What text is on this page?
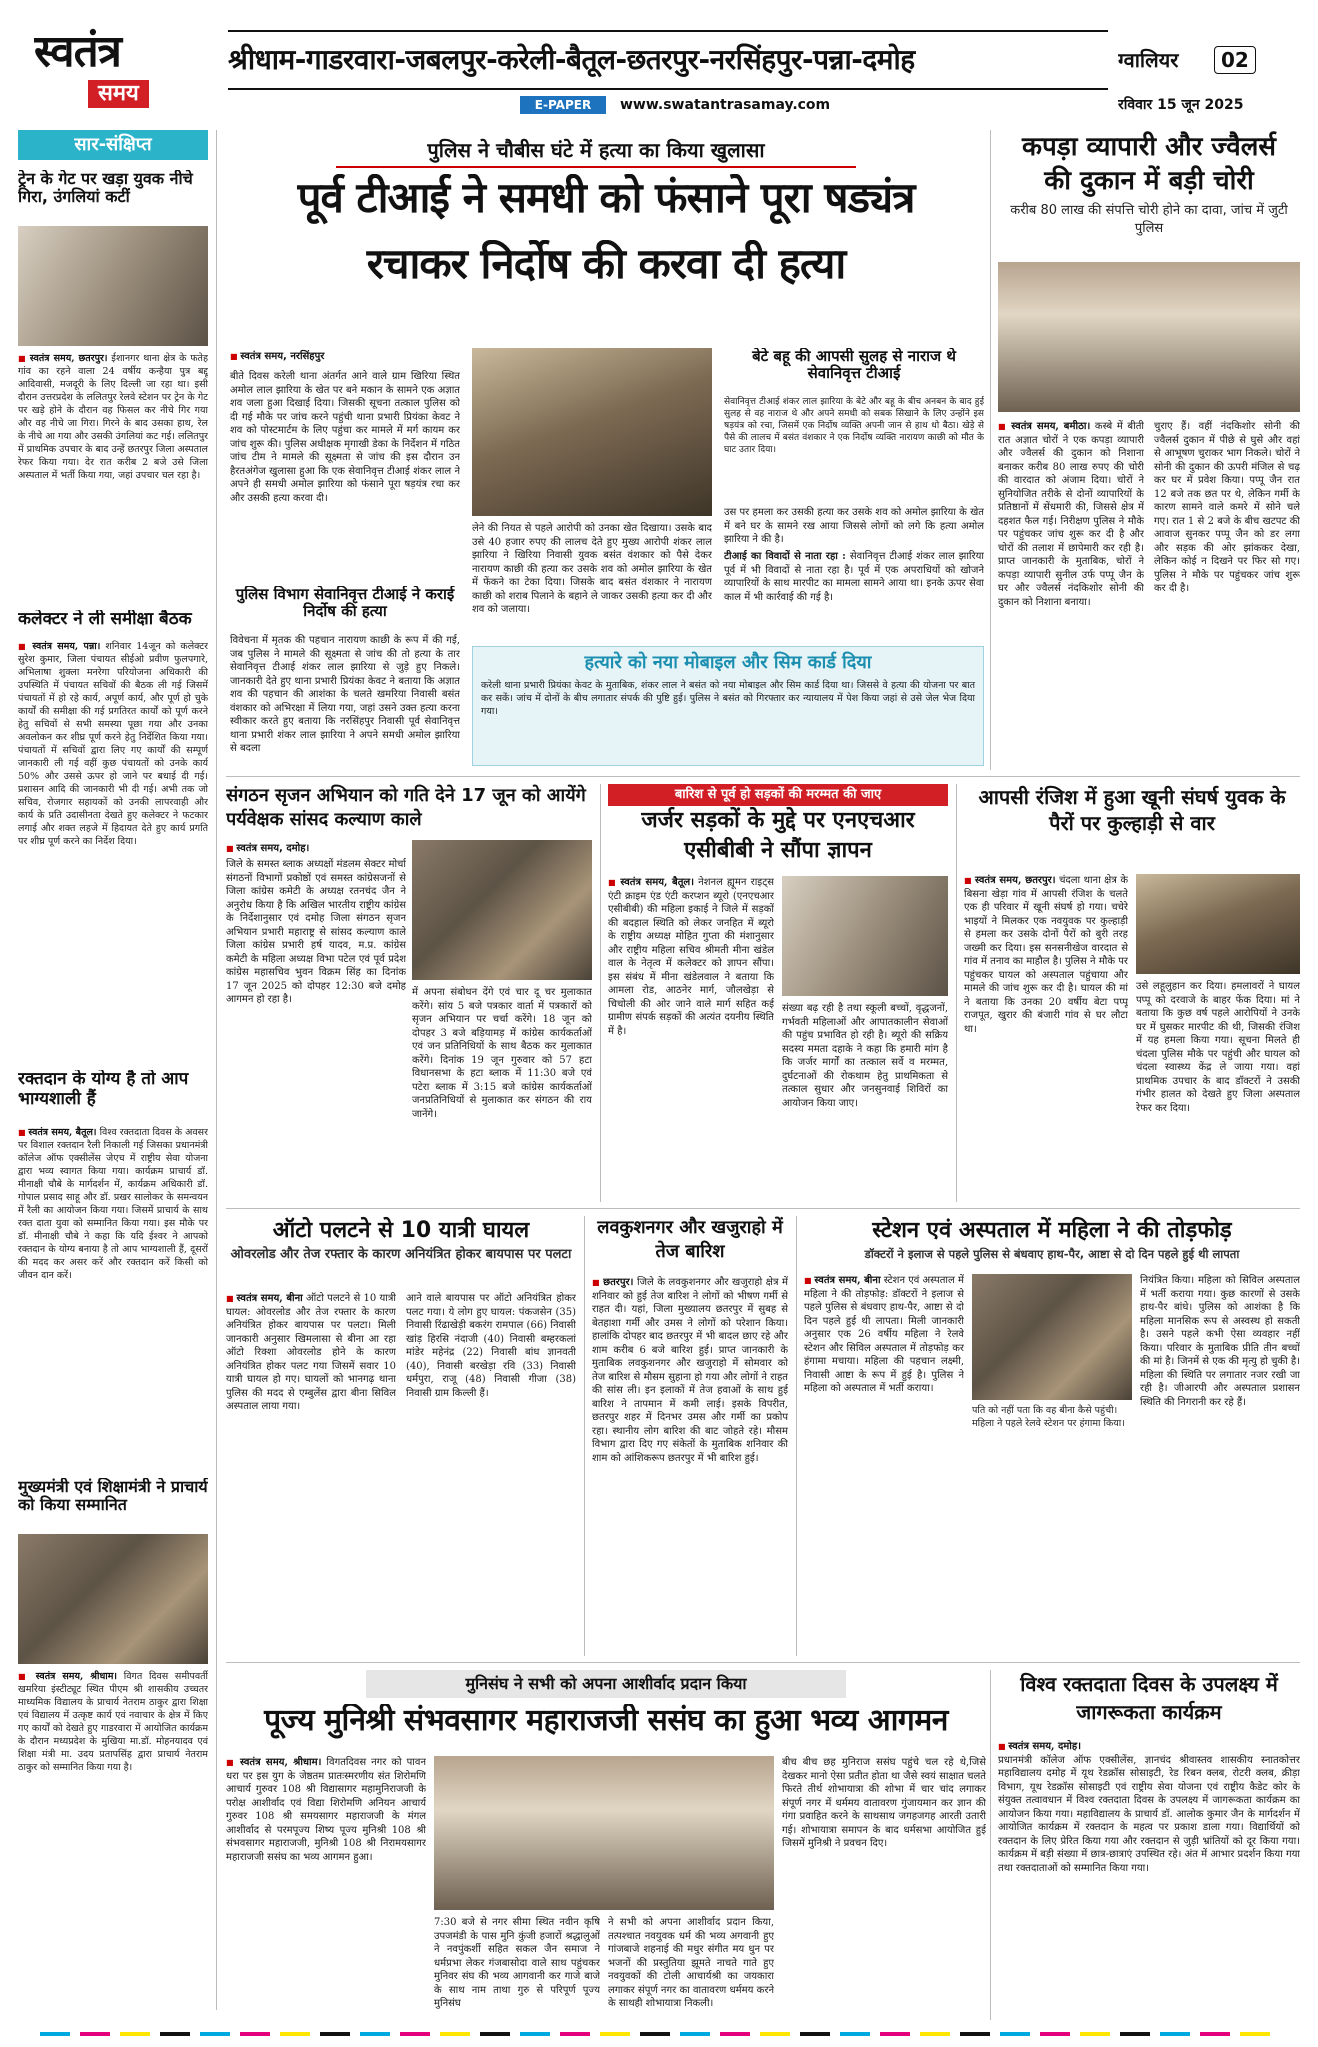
स्वतंत्र
समय
श्रीधाम-गाडरवारा-जबलपुर-करेली-बैतूल-छतरपुर-नरसिंहपुर-पन्ना-दमोह	ग्वालियर	02
E-PAPER	www.swatantrasamay.com	रविवार 15 जून 2025
सार-संक्षिप्त
ट्रेन के गेट पर खड़ा युवक नीचे गिरा, उंगलियां कटीं
■ स्वतंत्र समय, छतरपुर। ईशानगर थाना क्षेत्र के फतेह गांव का रहने वाला 24 वर्षीय कन्हैया पुत्र बद्दू आदिवासी, मजदूरी के लिए दिल्ली जा रहा था। इसी दौरान उत्तरप्रदेश के ललितपुर रेलवे स्टेशन पर ट्रेन के गेट पर खड़े होने के दौरान वह फिसल कर नीचे गिर गया और वह नीचे जा गिरा। गिरने के बाद उसका हाथ, रेल के नीचे आ गया और उसकी उंगलियां कट गई। ललितपुर में प्राथमिक उपचार के बाद उन्हें छतरपुर जिला अस्पताल रेफर किया गया। देर रात करीब 2 बजे उसे जिला अस्पताल में भर्ती किया गया, जहां उपचार चल रहा है।
कलेक्टर ने ली समीक्षा बैठक
■ स्वतंत्र समय, पन्ना। शनिवार 14जून को कलेक्टर सुरेश कुमार, जिला पंचायत सीईओ प्रवीण फुलपगारे, अभिलाषा शुक्ला मनरेगा परियोजना अधिकारी की उपस्थिति में पंचायत सचिवों की बैठक ली गई जिसमें पंचायतों में हो रहे कार्य, अपूर्ण कार्य, और पूर्ण हो चुके कार्यों की समीक्षा की गई प्रगतिरत कार्यों को पूर्ण करने हेतु सचिवों से सभी समस्या पूछा गया और उनका अवलोकन कर शीघ्र पूर्ण करने हेतु निर्देशित किया गया। पंचायतों में सचिवों द्वारा लिए गए कार्यों की सम्पूर्ण जानकारी ली गई वहीं कुछ पंचायतों को उनके कार्य 50% और उससे ऊपर हो जाने पर बधाई दी गई। प्रशासन आदि की जानकारी भी दी गई। अभी तक जो सचिव, रोजगार सहायकों को उनकी लापरवाही और कार्य के प्रति उदासीनता देखते हुए कलेक्टर ने फटकार लगाई और शक्त लहजे में हिदायत देते हुए कार्य प्रगति पर शीघ्र पूर्ण करने का निर्देश दिया।
रक्तदान के योग्य है तो आप भाग्यशाली हैं
■ स्वतंत्र समय, बैतूल। विश्व रक्तदाता दिवस के अवसर पर विशाल रक्तदान रैली निकाली गई जिसका प्रधानमंत्री कॉलेज ऑफ एक्सीलेंस जेएच में राष्ट्रीय सेवा योजना द्वारा भव्य स्वागत किया गया। कार्यक्रम प्राचार्य डॉ. मीनाक्षी चौबे के मार्गदर्शन में, कार्यक्रम अधिकारी डॉ. गोपाल प्रसाद साहू और डॉ. प्रखर सालोकर के समन्वयन में रैली का आयोजन किया गया। जिसमें प्राचार्य के साथ रक्त दाता युवा को सम्मानित किया गया। इस मौके पर डॉ. मीनाक्षी चौबे ने कहा कि यदि ईश्वर ने आपको रक्तदान के योग्य बनाया है तो आप भाग्यशाली हैं, दूसरों की मदद कर असर करें और रक्तदान करें किसी को जीवन दान करें।
मुख्यमंत्री एवं शिक्षामंत्री ने प्राचार्य को किया सम्मानित
■ स्वतंत्र समय, श्रीधाम। विगत दिवस समीपवर्ती खमरिया इंस्टीट्यूट स्थित पीएम श्री शासकीय उच्चतर माध्यमिक विद्यालय के प्राचार्य नेतराम ठाकुर द्वारा शिक्षा एवं विद्यालय में उत्कृष्ट कार्य एवं नवाचार के क्षेत्र में किए गए कार्यों को देखते हुए गाडरवारा में आयोजित कार्यक्रम के दौरान मध्यप्रदेश के मुखिया मा.डॉ. मोहनयादव एवं शिक्षा मंत्री मा. उदय प्रतापसिंह द्वारा प्राचार्य नेतराम ठाकुर को सम्मानित किया गया है।
पुलिस ने चौबीस घंटे में हत्या का किया खुलासा
पूर्व टीआई ने समधी को फंसाने पूरा षड्यंत्र
रचाकर निर्दोष की करवा दी हत्या
■ स्वतंत्र समय, नरसिंहपुर
बीते दिवस करेली थाना अंतर्गत आने वाले ग्राम खिरिया स्थित अमोल लाल झारिया के खेत पर बने मकान के सामने एक अज्ञात शव जला हुआ दिखाई दिया। जिसकी सूचना तत्काल पुलिस को दी गई मौके पर जांच करने पहुंची थाना प्रभारी प्रियंका केवट ने शव को पोस्टमार्टम के लिए पहुंचा कर मामले में मर्ग कायम कर जांच शुरू की। पुलिस अधीक्षक मृगाखी डेका के निर्देशन में गठित जांच टीम ने मामले की सूक्ष्मता से जांच की इस दौरान उन हैरतअंगेज खुलासा हुआ कि एक सेवानिवृत्त टीआई शंकर लाल ने अपने ही समधी अमोल झारिया को फंसाने पूरा षड़यंत्र रचा कर और उसकी हत्या करवा दी।
पुलिस विभाग सेवानिवृत्त टीआई ने कराई निर्दोष की हत्या
विवेचना में मृतक की पहचान नारायण काछी के रूप में की गई, जब पुलिस ने मामले की सूक्ष्मता से जांच की तो हत्या के तार सेवानिवृत्त टीआई शंकर लाल झारिया से जुड़े हुए निकले। जानकारी देते हुए थाना प्रभारी प्रियंका केवट ने बताया कि अज्ञात शव की पहचान की आशंका के चलते खमरिया निवासी बसंत वंशकार को अभिरक्षा में लिया गया, जहां उसने उक्त हत्या करना स्वीकार करते हुए बताया कि नरसिंहपुर निवासी पूर्व सेवानिवृत्त थाना प्रभारी शंकर लाल झारिया ने अपने समधी अमोल झारिया से बदला
लेने की नियत से पहले आरोपी को उनका खेत दिखाया। उसके बाद उसे 40 हजार रुपए की लालच देते हुए मुख्य आरोपी शंकर लाल झारिया ने खिरिया निवासी युवक बसंत वंशकार को पैसे देकर नारायण काछी की हत्या कर उसके शव को अमोल झारिया के खेत में फेंकने का टेका दिया। जिसके बाद बसंत वंशकार ने नारायण काछी को शराब पिलाने के बहाने ले जाकर उसकी हत्या कर दी और शव को जलाया।
बेटे बहू की आपसी सुलह से नाराज थे सेवानिवृत्त टीआई
सेवानिवृत्त टीआई शंकर लाल झारिया के बेटे और बहू के बीच अनबन के बाद हुई सुलह से वह नाराज थे और अपने समधी को सबक सिखाने के लिए उन्होंने इस षड़यंत्र को रचा, जिसमें एक निर्दोष व्यक्ति अपनी जान से हाथ धो बैठा। खेड़े से पैसे की लालच में बसंत वंशकार ने एक निर्दोष व्यक्ति नारायण काछी को मौत के घाट उतार दिया।
उस पर हमला कर उसकी हत्या कर उसके शव को अमोल झारिया के खेत में बने घर के सामने रख आया जिससे लोगों को लगे कि हत्या अमोल झारिया ने की है।
टीआई का विवादों से नाता रहा : सेवानिवृत्त टीआई शंकर लाल झारिया पूर्व में भी विवादों से नाता रहा है। पूर्व में एक अपराधियों को खोजने व्यापारियों के साथ मारपीट का मामला सामने आया था। इनके ऊपर सेवा काल में भी कार्रवाई की गई है।
हत्यारे को नया मोबाइल और सिम कार्ड दिया
करेली थाना प्रभारी प्रियंका केवट के मुताबिक, शंकर लाल ने बसंत को नया मोबाइल और सिम कार्ड दिया था। जिससे वे हत्या की योजना पर बात कर सकें। जांच में दोनों के बीच लगातार संपर्क की पुष्टि हुई। पुलिस ने बसंत को गिरफ्तार कर न्यायालय में पेश किया जहां से उसे जेल भेज दिया गया।
कपड़ा व्यापारी और ज्वैलर्स
की दुकान में बड़ी चोरी
करीब 80 लाख की संपत्ति चोरी होने का दावा, जांच में जुटी पुलिस
■ स्वतंत्र समय, बमीठा। कस्बे में बीती रात अज्ञात चोरों ने एक कपड़ा व्यापारी और ज्वैलर्स की दुकान को निशाना बनाकर करीब 80 लाख रुपए की चोरी की वारदात को अंजाम दिया। चोरों ने सुनियोजित तरीके से दोनों व्यापारियों के प्रतिष्ठानों में सेंधमारी की, जिससे क्षेत्र में दहशत फैल गई। निरीक्षण पुलिस ने मौके पर पहुंचकर जांच शुरू कर दी है और चोरों की तलाश में छापेमारी कर रही है। प्राप्त जानकारी के मुताबिक, चोरों ने कपड़ा व्यापारी सुनील उर्फ पप्पू जैन के घर और ज्वैलर्स नंदकिशोर सोनी की दुकान को निशाना बनाया।
चुराए हैं। वहीं नंदकिशोर सोनी की ज्वैलर्स दुकान में पीछे से घुसे और वहां से आभूषण चुराकर भाग निकले। चोरों ने सोनी की दुकान की ऊपरी मंजिल से चढ़ कर घर में प्रवेश किया। पप्पू जैन रात 12 बजे तक छत पर थे, लेकिन गर्मी के कारण सामने वाले कमरे में सोने चले गए। रात 1 से 2 बजे के बीच खटपट की आवाज सुनकर पप्पू जैन को डर लगा और सड़क की ओर झांककर देखा, लेकिन कोई न दिखने पर फिर सो गए। पुलिस ने मौके पर पहुंचकर जांच शुरू कर दी है।
संगठन सृजन अभियान को गति देने 17 जून को आयेंगे पर्यवेक्षक सांसद कल्याण काले
■ स्वतंत्र समय, दमोह।
जिले के समस्त ब्लाक अध्यक्षों मंडलम सेक्टर मोर्चा संगठनों विभागों प्रकोष्ठों एवं समस्त कांग्रेसजनों से जिला कांग्रेस कमेटी के अध्यक्ष रतनचंद जैन ने अनुरोध किया है कि अखिल भारतीय राष्ट्रीय कांग्रेस के निर्देशानुसार एवं दमोह जिला संगठन सृजन अभियान प्रभारी महाराष्ट्र से सांसद कल्याण काले जिला कांग्रेस प्रभारी हर्ष यादव, म.प्र. कांग्रेस कमेटी के महिला अध्यक्ष विभा पटेल एवं पूर्व प्रदेश कांग्रेस महासचिव भुवन विक्रम सिंह का दिनांक 17 जून 2025 को दोपहर 12:30 बजे दमोह आगमन हो रहा है।
में अपना संबोधन देंगे एवं चार दू चर मुलाकात करेंगे। सांय 5 बजे पत्रकार वार्ता में पत्रकारों को सृजन अभियान पर चर्चा करेंगे। 18 जून को दोपहर 3 बजे बड़ियामड़ में कांग्रेस कार्यकर्ताओं एवं जन प्रतिनिधियों के साथ बैठक कर मुलाकात करेंगे। दिनांक 19 जून गुरुवार को 57 हटा विधानसभा के हटा ब्लाक में 11:30 बजे एवं पटेरा ब्लाक में 3:15 बजे कांग्रेस कार्यकर्ताओं जनप्रतिनिधियों से मुलाकात कर संगठन की राय जानेंगे।
बारिश से पूर्व हो सड़कों की मरम्मत की जाए
जर्जर सड़कों के मुद्दे पर एनएचआर
एसीबीबी ने सौंपा ज्ञापन
■ स्वतंत्र समय, बैतूल। नेशनल ह्यूमन राइट्स एंटी क्राइम एंड एंटी करप्शन ब्यूरो (एनएचआर एसीबीबी) की महिला इकाई ने जिले में सड़कों की बदहाल स्थिति को लेकर जनहित में ब्यूरो के राष्ट्रीय अध्यक्ष मोहित गुप्ता की मंशानुसार और राष्ट्रीय महिला सचिव श्रीमती मीना खंडेल वाल के नेतृत्व में कलेक्टर को ज्ञापन सौंपा। इस संबंध में मीना खंडेलवाल ने बताया कि आमला रोड, आठनेर मार्ग, जौलखेड़ा से चिचोली की ओर जाने वाले मार्ग सहित कई ग्रामीण संपर्क सड़कों की अत्यंत दयनीय स्थिति में है।
संख्या बढ़ रही है तथा स्कूली बच्चों, वृद्धजनों, गर्भवती महिलाओं और आपातकालीन सेवाओं की पहुंच प्रभावित हो रही है। ब्यूरो की सक्रिय सदस्य ममता दहाके ने कहा कि हमारी मांग है कि जर्जर मार्गों का तत्काल सर्वे व मरम्मत, दुर्घटनाओं की रोकथाम हेतु प्राथमिकता से तत्काल सुधार और जनसुनवाई शिविरों का आयोजन किया जाए।
आपसी रंजिश में हुआ खूनी संघर्ष युवक के पैरों पर कुल्हाड़ी से वार
■ स्वतंत्र समय, छतरपुर। चंदला थाना क्षेत्र के बिसना खेड़ा गांव में आपसी रंजिश के चलते एक ही परिवार में खूनी संघर्ष हो गया। चचेरे भाइयों ने मिलकर एक नवयुवक पर कुल्हाड़ी से हमला कर उसके दोनों पैरों को बुरी तरह जख्मी कर दिया। इस सनसनीखेज वारदात से गांव में तनाव का माहौल है। पुलिस ने मौके पर पहुंचकर घायल को अस्पताल पहुंचाया और मामले की जांच शुरू कर दी है। घायल की मां ने बताया कि उनका 20 वर्षीय बेटा पप्पू राजपूत, खुरार की बंजारी गांव से घर लौटा था।
उसे लहूलुहान कर दिया। हमलावरों ने घायल पप्पू को दरवाजे के बाहर फेंक दिया। मां ने बताया कि कुछ वर्ष पहले आरोपियों ने उनके घर में घुसकर मारपीट की थी, जिसकी रंजिश में यह हमला किया गया। सूचना मिलते ही चंदला पुलिस मौके पर पहुंची और घायल को चंदला स्वास्थ्य केंद्र ले जाया गया। वहां प्राथमिक उपचार के बाद डॉक्टरों ने उसकी गंभीर हालत को देखते हुए जिला अस्पताल रेफर कर दिया।
ऑटो पलटने से 10 यात्री घायल
ओवरलोड और तेज रफ्तार के कारण अनियंत्रित होकर बायपास पर पलटा
■ स्वतंत्र समय, बीना ऑटो पलटने से 10 यात्री घायल: ओवरलोड और तेज रफ्तार के कारण अनियंत्रित होकर बायपास पर पलटा। मिली जानकारी अनुसार खिमलासा से बीना आ रहा ऑटो रिक्शा ओवरलोड होने के कारण अनियंत्रित होकर पलट गया जिसमें सवार 10 यात्री घायल हो गए। घायलों को भानगढ़ थाना पुलिस की मदद से एम्बुलेंस द्वारा बीना सिविल अस्पताल लाया गया।
आने वाले बायपास पर ऑटो अनियंत्रित होकर पलट गया। ये लोग हुए घायल: पंकजसेन (35) निवासी रिंढाखेड़ी बकरंग रामपाल (66) निवासी खांड़ हिरसि नंदाजी (40) निवासी बम्हरकलां मांडेर महेनंद्र (22) निवासी बांध ज्ञानवती (40), निवासी बरखेड़ा रवि (33) निवासी धर्मपुरा, राजू (48) निवासी गीजा (38) निवासी ग्राम किल्ली हैं।
लवकुशनगर और खजुराहो में तेज बारिश
■ छतरपुर। जिले के लवकुशनगर और खजुराहो क्षेत्र में शनिवार को हुई तेज बारिश ने लोगों को भीषण गर्मी से राहत दी। यहां, जिला मुख्यालय छतरपुर में सुबह से बेतहाशा गर्मी और उमस ने लोगों को परेशान किया। हालांकि दोपहर बाद छतरपुर में भी बादल छाए रहे और शाम करीब 6 बजे बारिश हुई। प्राप्त जानकारी के मुताबिक लवकुशनगर और खजुराहो में सोमवार को तेज बारिश से मौसम सुहाना हो गया और लोगों ने राहत की सांस ली। इन इलाकों में तेज हवाओं के साथ हुई बारिश ने तापमान में कमी लाई। इसके विपरीत, छतरपुर शहर में दिनभर उमस और गर्मी का प्रकोप रहा। स्थानीय लोग बारिश की बाट जोहते रहे। मौसम विभाग द्वारा दिए गए संकेतों के मुताबिक शनिवार की शाम को आंशिकरूप छतरपुर में भी बारिश हुई।
स्टेशन एवं अस्पताल में महिला ने की तोड़फोड़
डॉक्टरों ने इलाज से पहले पुलिस से बंधवाए हाथ-पैर, आष्टा से दो दिन पहले हुई थी लापता
■ स्वतंत्र समय, बीना स्टेशन एवं अस्पताल में महिला ने की तोड़फोड़: डॉक्टरों ने इलाज से पहले पुलिस से बंधवाए हाथ-पैर, आष्टा से दो दिन पहले हुई थी लापता। मिली जानकारी अनुसार एक 26 वर्षीय महिला ने रेलवे स्टेशन और सिविल अस्पताल में तोड़फोड़ कर हंगामा मचाया। महिला की पहचान लक्ष्मी, निवासी आष्टा के रूप में हुई है। पुलिस ने महिला को अस्पताल में भर्ती कराया।
पति को नहीं पता कि वह बीना कैसे पहुंची। महिला ने पहले रेलवे स्टेशन पर हंगामा किया।
नियंत्रित किया। महिला को सिविल अस्पताल में भर्ती कराया गया। कुछ कारणों से उसके हाथ-पैर बांधे। पुलिस को आशंका है कि महिला मानसिक रूप से अस्वस्थ हो सकती है। उसने पहले कभी ऐसा व्यवहार नहीं किया। परिवार के मुताबिक प्रीति तीन बच्चों की मां है। जिनमें से एक की मृत्यु हो चुकी है। महिला की स्थिति पर लगातार नजर रखी जा रही है। जीआरपी और अस्पताल प्रशासन स्थिति की निगरानी कर रहे हैं।
मुनिसंघ ने सभी को अपना आशीर्वाद प्रदान किया
पूज्य मुनिश्री संभवसागर महाराजजी ससंघ का हुआ भव्य आगमन
■ स्वतंत्र समय, श्रीधाम। विगतदिवस नगर को पावन धरा पर इस युग के जेष्ठतम प्रातःस्मरणीय संत शिरोमणि आचार्य गुरुवर 108 श्री विद्यासागर महामुनिराजजी के परोक्ष आशीर्वाद एवं विद्या शिरोमणि अनियन आचार्य गुरुवर 108 श्री समयसागर महाराजजी के मंगल आशीर्वाद से परमपूज्य शिष्य पूज्य मुनिश्री 108 श्री संभवसागर महाराजजी, मुनिश्री 108 श्री निरामयसागर महाराजजी ससंघ का भव्य आगमन हुआ।
7:30 बजे से नगर सीमा स्थित नवीन कृषि उपजमंडी के पास मुनि कुंजी हजारों श्रद्धालुओं ने नवपुंकर्शी सहित सकल जैन समाज ने धर्मप्रभा लेकर गंजबासोदा वाले साथ पहुंचकर मुनिवर संघ की भव्य आगवानी कर गाजे बाजे के साथ नाम ताथा गुरु से परिपूर्ण पूज्य मुनिसंघ
ने सभी को अपना आशीर्वाद प्रदान किया, तत्पश्चात नवयुवक धर्म की भव्य अगवानी हुए गांजबाजे शहनाई की मधुर संगीत मय धुन पर भजनों की प्रस्तुतिया झूमते नाचते गाते हुए नवयुवकों की टोली आचार्यश्री का जयकारा लगाकर संपूर्ण नगर का वातावरण धर्ममय करने के साथही शोभायात्रा निकली।
बीच बीच छह मुनिराज ससंघ पहुंचे चल रहे थे,जिसे देखकर मानो ऐसा प्रतीत होता था जैसे स्वयं साक्षात चलते फिरते तीर्थ शोभायात्रा की शोभा में चार चांद लगाकर संपूर्ण नगर में धर्ममय वातावरण गुंजायमान कर ज्ञान की गंगा प्रवाहित करने के साथसाथ जगहजगह आरती उतारी गई। शोभायात्रा समापन के बाद धर्मसभा आयोजित हुई जिसमें मुनिश्री ने प्रवचन दिए।
विश्व रक्तदाता दिवस के उपलक्ष्य में जागरूकता कार्यक्रम
■ स्वतंत्र समय, दमोह।
प्रधानमंत्री कॉलेज ऑफ एक्सीलेंस, ज्ञानचंद श्रीवास्तव शासकीय स्नातकोत्तर महाविद्यालय दमोह में यूथ रेडक्रॉस सोसाइटी, रेड रिबन क्लब, रोटरी क्लब, क्रीड़ा विभाग, यूथ रेडक्रॉस सोसाइटी एवं राष्ट्रीय सेवा योजना एवं राष्ट्रीय कैडेट कोर के संयुक्त तत्वावधान में विश्व रक्तदाता दिवस के उपलक्ष्य में जागरूकता कार्यक्रम का आयोजन किया गया। महाविद्यालय के प्राचार्य डॉ. आलोक कुमार जैन के मार्गदर्शन में आयोजित कार्यक्रम में रक्तदान के महत्व पर प्रकाश डाला गया। विद्यार्थियों को रक्तदान के लिए प्रेरित किया गया और रक्तदान से जुड़ी भ्रांतियों को दूर किया गया। कार्यक्रम में बड़ी संख्या में छात्र-छात्राएं उपस्थित रहे। अंत में आभार प्रदर्शन किया गया तथा रक्तदाताओं को सम्मानित किया गया।
